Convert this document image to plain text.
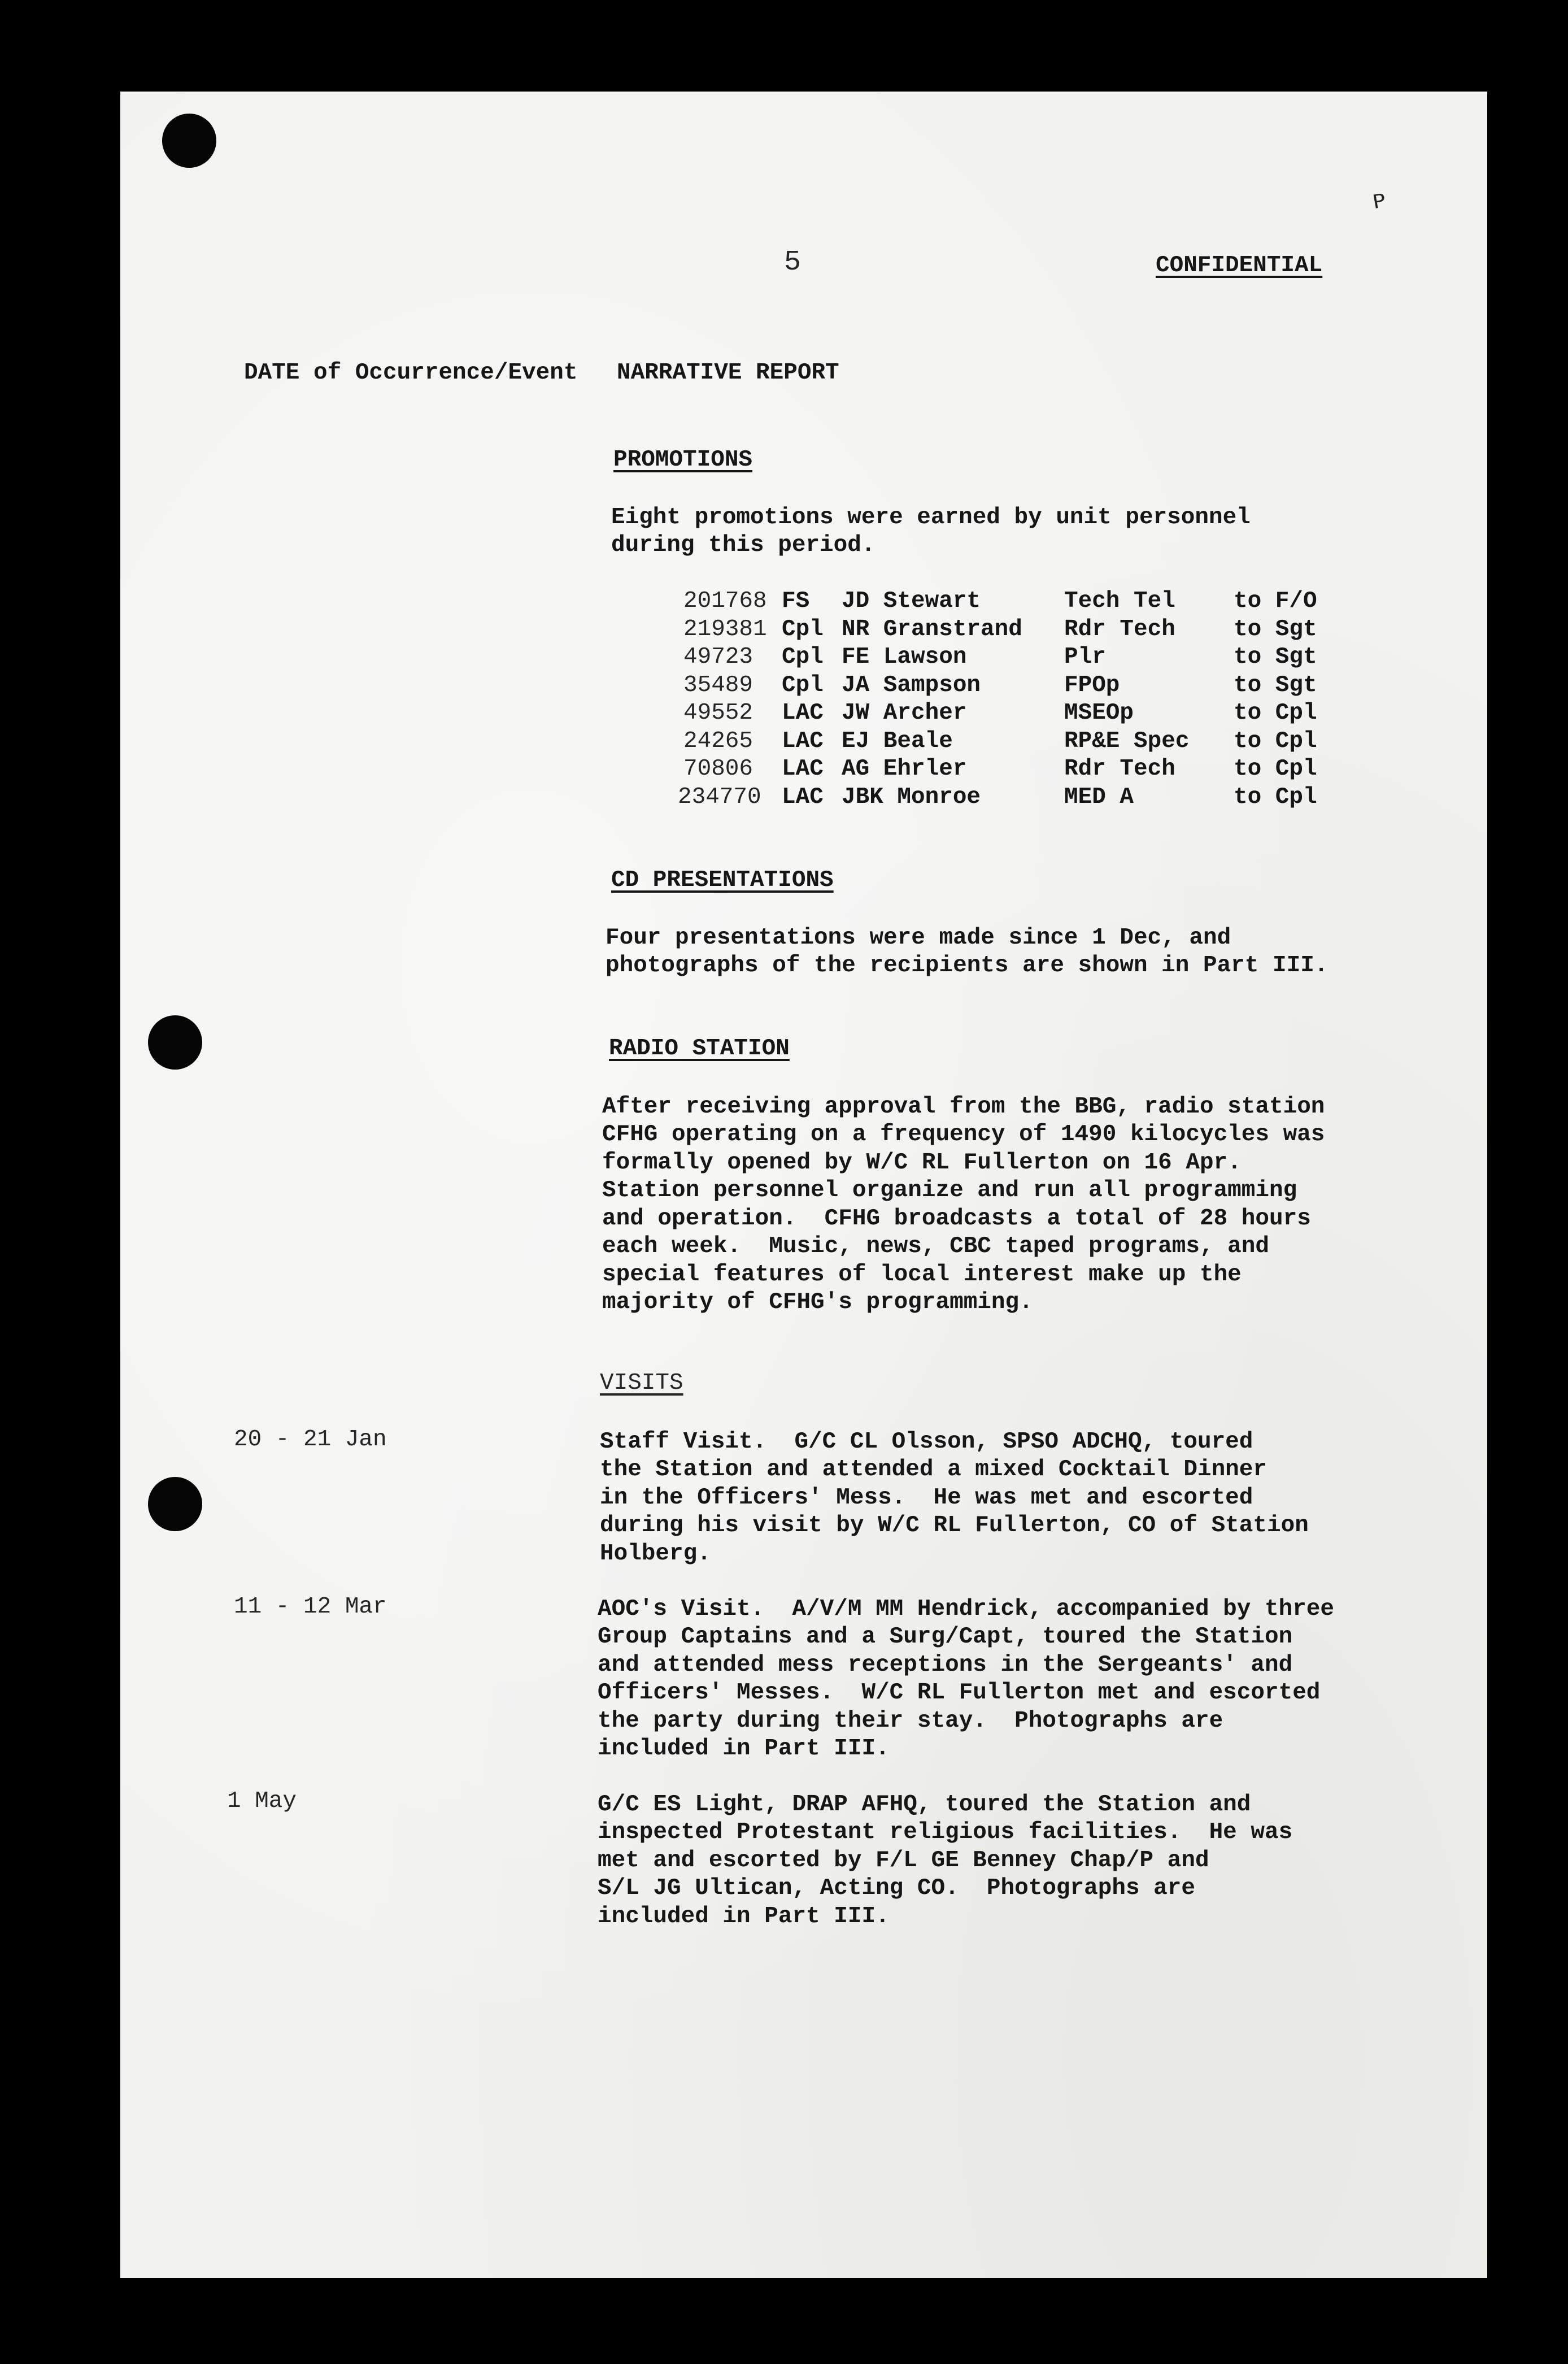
ᴾ

5	CONFIDENTIAL

DATE of Occurrence/Event NARRATIVE REPORT

PROMOTIONS

Eight promotions were earned by unit personnel

during this period.

201768 FS JD Stewart	Tech Tel	to F/O

219381 Cpl NR Granstrand Rdr Tech	to Sgt

49723 Cpl FE Lawson	Plr	to Sgt

35489 Cpl JA Sampson	FPOp	to Sgt

49552 LAC JW Archer	MSEOp	to Cpl

24265 LAC EJ Beale	RP&E Spec to Cpl

70806 LAC AG Ehrler	Rdr Tech	to Cpl

234770 LAC JBK Monroe	MED A	to Cpl

CD PRESENTATIONS

Four presentations were made since 1 Dec, and

photographs of the recipients are shown in Part III.

RADIO STATION

After receiving approval from the BBG, radio station

CFHG operating on a frequency of 1490 kilocycles was

formally opened by W/C RL Fullerton on 16 Apr.

Station personnel organize and run all programming

and operation.  CFHG broadcasts a total of 28 hours

each week.  Music, news, CBC taped programs, and

special features of local interest make up the

majority of CFHG's programming.

VISITS

20 - 21 Jan	Staff Visit.  G/C CL Olsson, SPSO ADCHQ, toured

the Station and attended a mixed Cocktail Dinner

in the Officers' Mess.  He was met and escorted

during his visit by W/C RL Fullerton, CO of Station

Holberg.

11 - 12 Mar	AOC's Visit.  A/V/M MM Hendrick, accompanied by three

Group Captains and a Surg/Capt, toured the Station

and attended mess receptions in the Sergeants' and

Officers' Messes.  W/C RL Fullerton met and escorted

the party during their stay.  Photographs are

included in Part III.

1 May	G/C ES Light, DRAP AFHQ, toured the Station and

inspected Protestant religious facilities.  He was

met and escorted by F/L GE Benney Chap/P and

S/L JG Ultican, Acting CO.  Photographs are

included in Part III.
